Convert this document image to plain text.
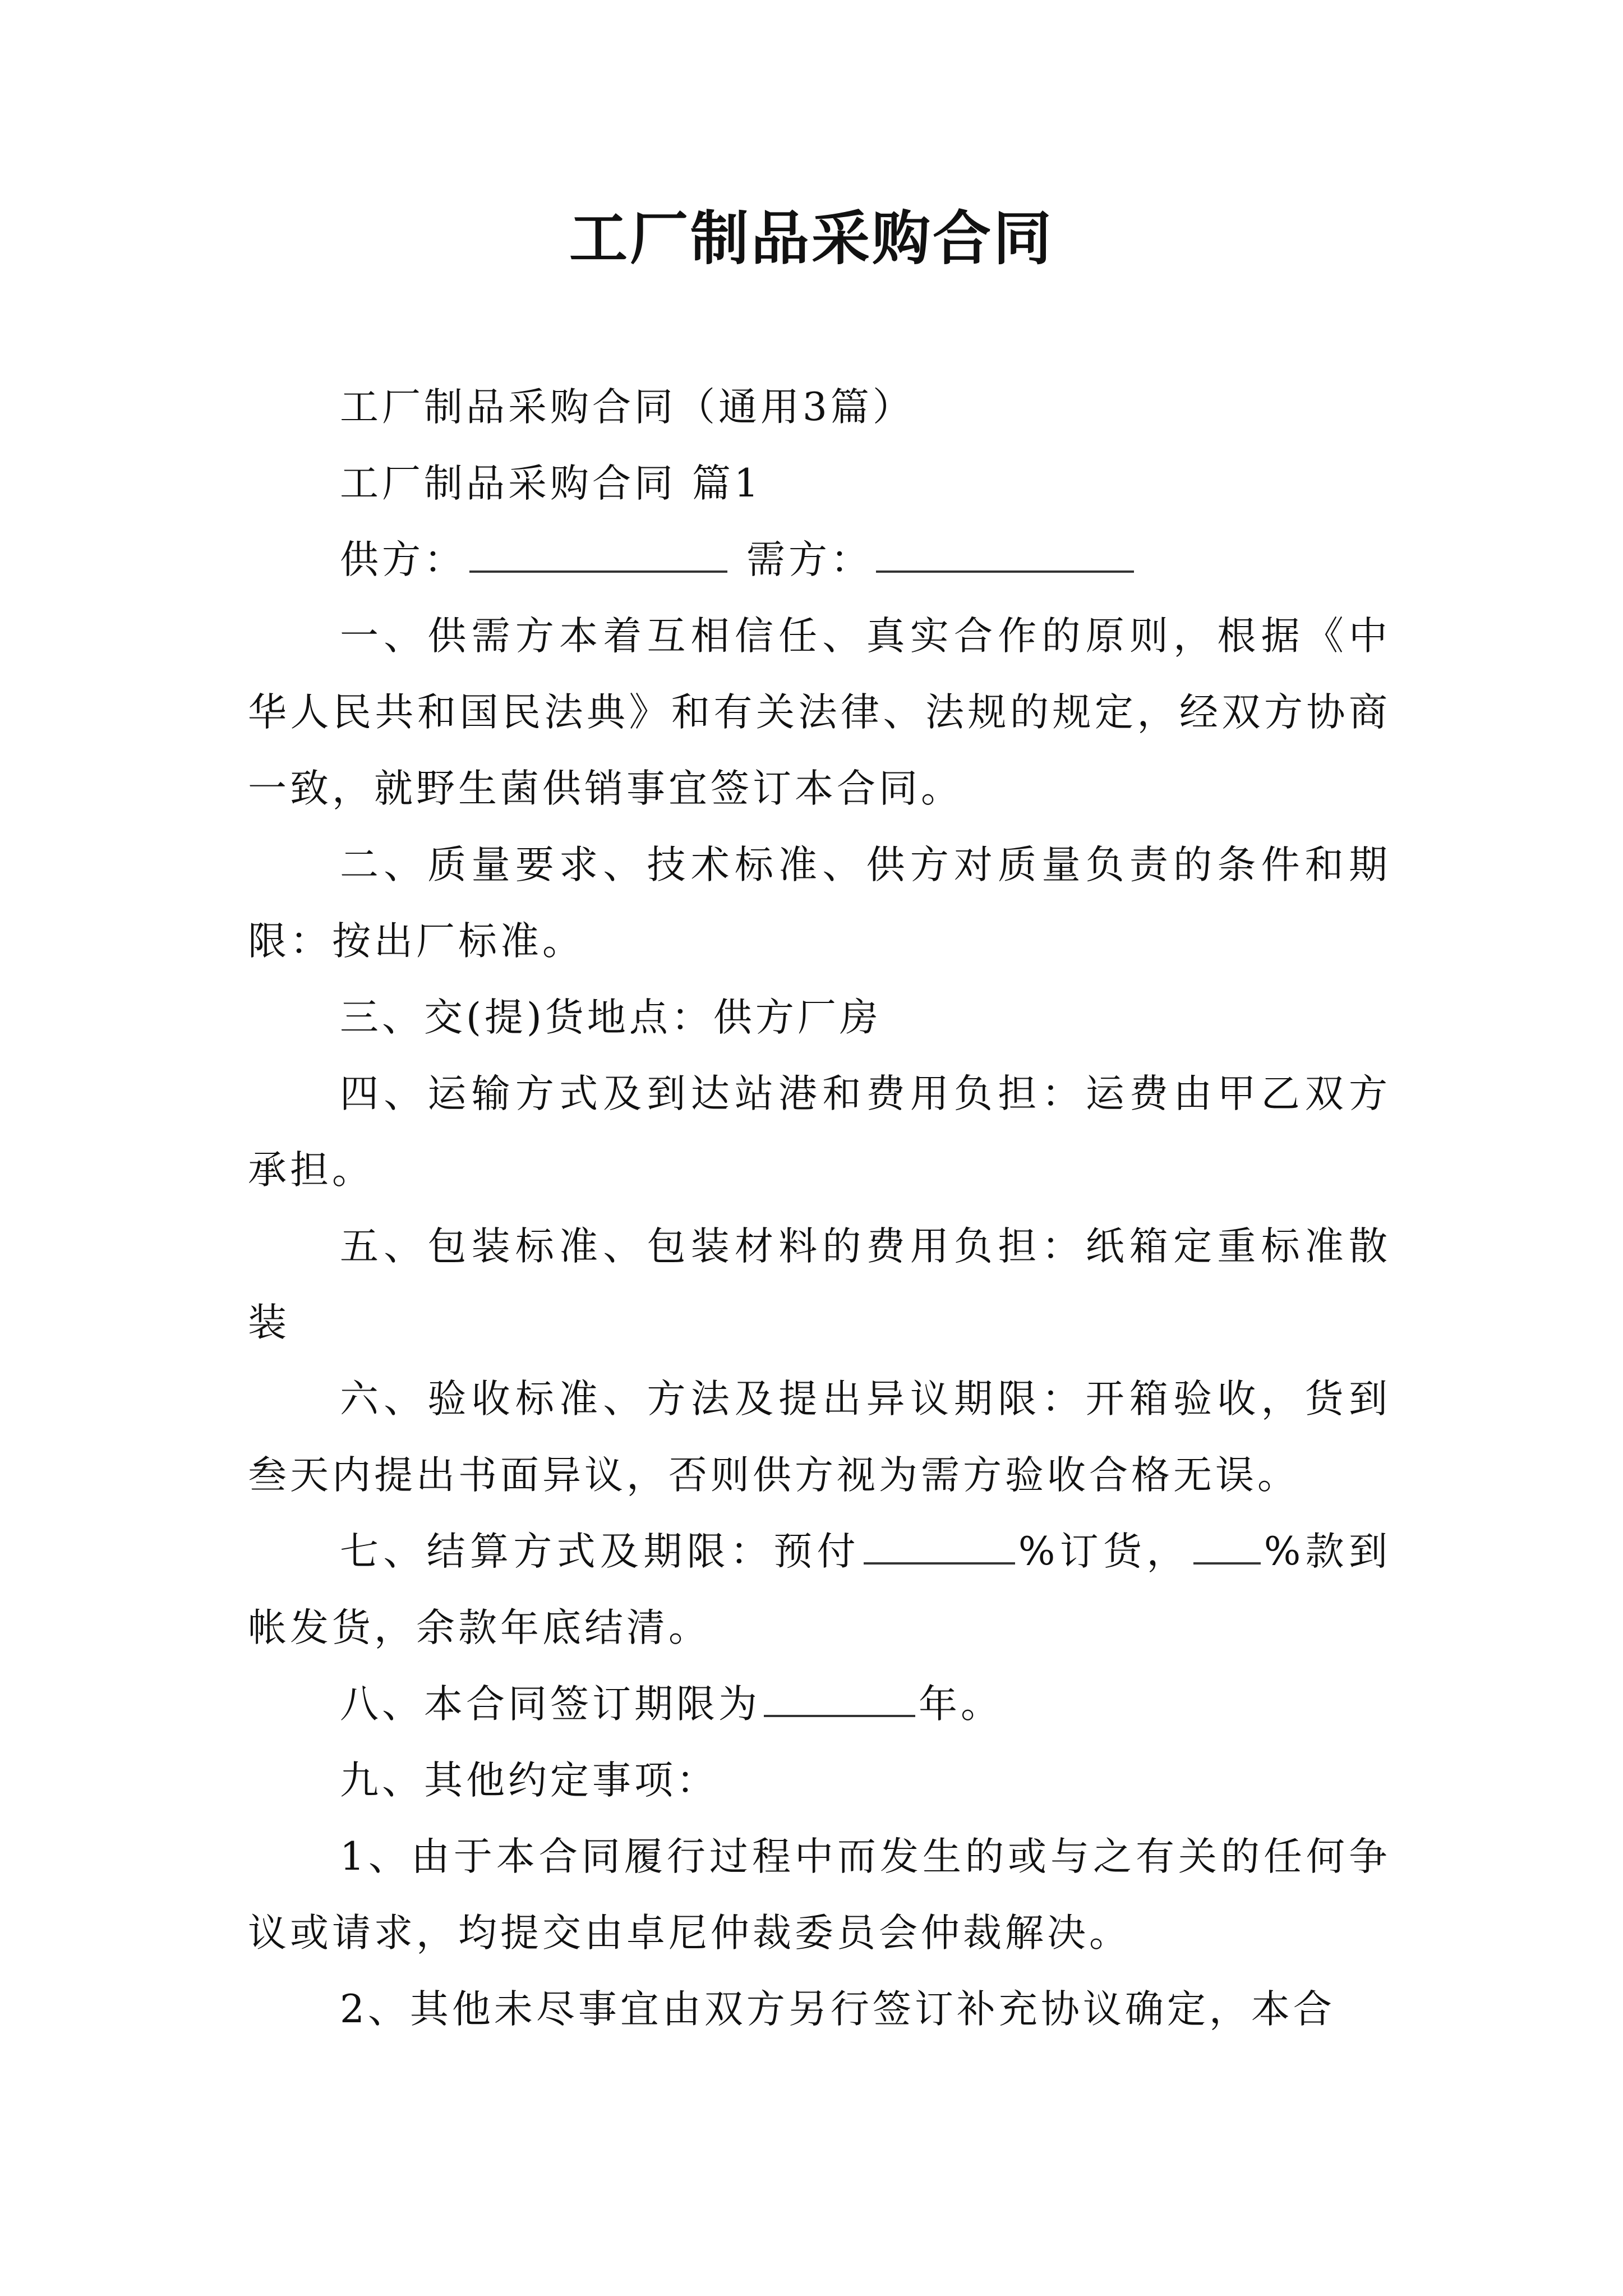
工厂制品采购合同

工厂制品采购合同（通用3篇）

工厂制品采购合同 篇1

供方：	需方：

一、供需方本着互相信任、真实合作的原则，根据《中华人民共和国民法典》和有关法律、法规的规定，经双方协商一致，就野生菌供销事宜签订本合同。

二、质量要求、技术标准、供方对质量负责的条件和期限：按出厂标准。

三、交(提)货地点：供方厂房

四、运输方式及到达站港和费用负担：运费由甲乙双方承担。

五、包装标准、包装材料的费用负担：纸箱定重标准散装

六、验收标准、方法及提出异议期限：开箱验收，货到叁天内提出书面异议，否则供方视为需方验收合格无误。

七、结算方式及期限：预付	%订货， %款到帐发货，余款年底结清。

八、本合同签订期限为	年。

九、其他约定事项：

1、由于本合同履行过程中而发生的或与之有关的任何争议或请求，均提交由卓尼仲裁委员会仲裁解决。

2、其他未尽事宜由双方另行签订补充协议确定，本合
